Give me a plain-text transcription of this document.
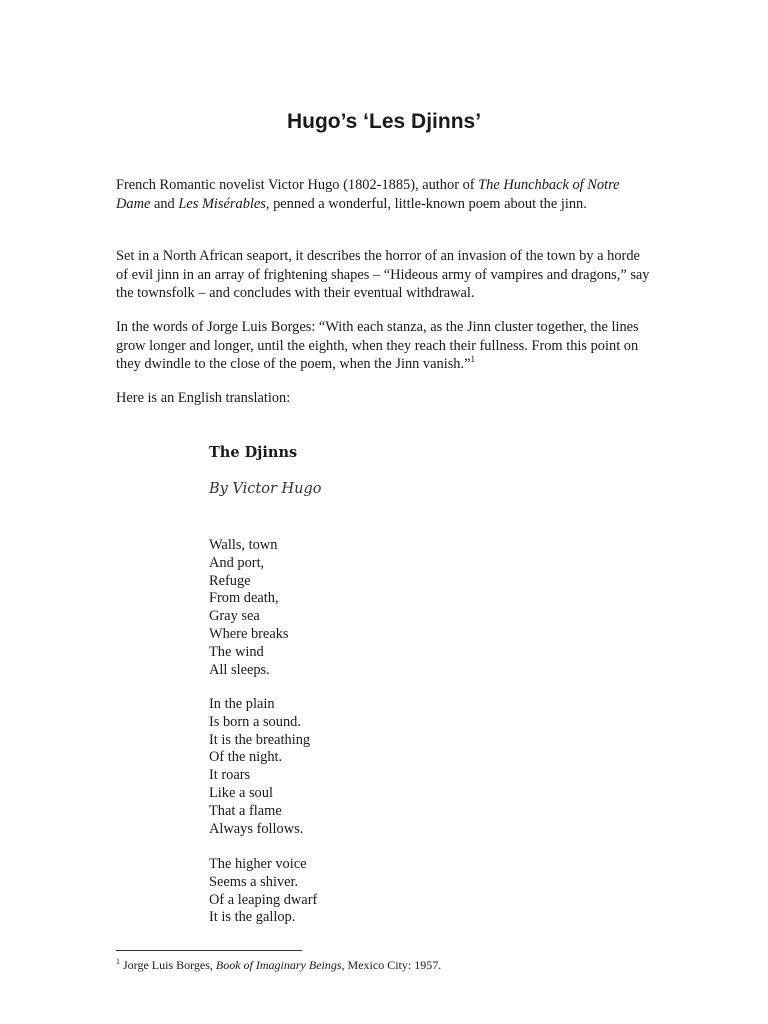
Hugo’s ‘Les Djinns’

French Romantic novelist Victor Hugo (1802-1885), author of The Hunchback of Notre Dame and Les Misérables, penned a wonderful, little-known poem about the jinn.

Set in a North African seaport, it describes the horror of an invasion of the town by a horde of evil jinn in an array of frightening shapes – “Hideous army of vampires and dragons,” say the townsfolk – and concludes with their eventual withdrawal.

In the words of Jorge Luis Borges: “With each stanza, as the Jinn cluster together, the lines grow longer and longer, until the eighth, when they reach their fullness. From this point on they dwindle to the close of the poem, when the Jinn vanish.”$^1$

Here is an English translation:

The Djinns

By Victor Hugo

Walls, town
And port,
Refuge
From death,
Gray sea
Where breaks
The wind
All sleeps.
In the plain
Is born a sound.
It is the breathing
Of the night.
It roars
Like a soul
That a flame
Always follows.
The higher voice
Seems a shiver.
Of a leaping dwarf
It is the gallop.

$^1$ Jorge Luis Borges, Book of Imaginary Beings, Mexico City: 1957.
